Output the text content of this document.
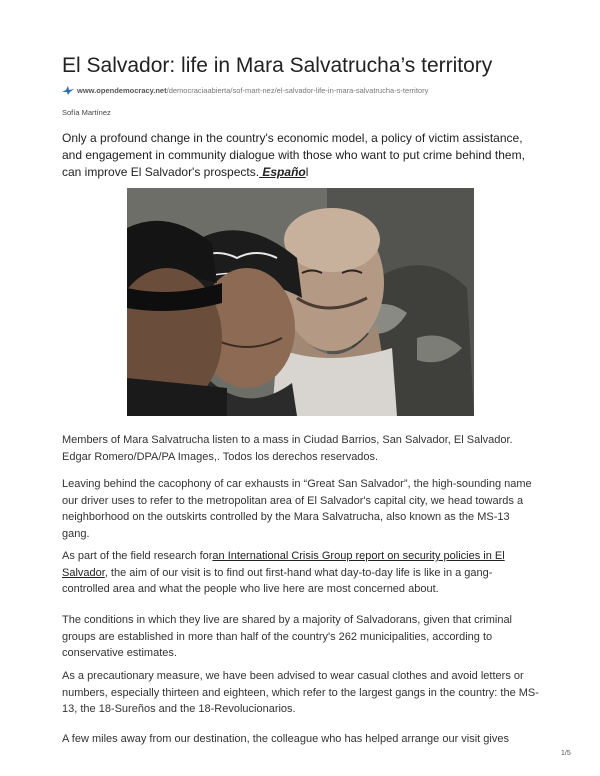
El Salvador: life in Mara Salvatrucha’s territory
www.opendemocracy.net /democraciaabierta/sof-mart-nez/el-salvador-life-in-mara-salvatrucha-s-territory
Sofía Martínez

Only a profound change in the country's economic model, a policy of victim assistance, and engagement in community dialogue with those who want to put crime behind them, can improve El Salvador's prospects. Español

Members of Mara Salvatrucha listen to a mass in Ciudad Barrios, San Salvador, El Salvador. Edgar Romero/DPA/PA Images,. Todos los derechos reservados.

Leaving behind the cacophony of car exhausts in “Great San Salvador”, the high-sounding name our driver uses to refer to the metropolitan area of El Salvador's capital city, we head towards a neighborhood on the outskirts controlled by the Mara Salvatrucha, also known as the MS-13 gang.

As part of the field research foran International Crisis Group report on security policies in El Salvador, the aim of our visit is to find out first-hand what day-to-day life is like in a gang-controlled area and what the people who live here are most concerned about.

The conditions in which they live are shared by a majority of Salvadorans, given that criminal groups are established in more than half of the country's 262 municipalities, according to conservative estimates.

As a precautionary measure, we have been advised to wear casual clothes and avoid letters or numbers, especially thirteen and eighteen, which refer to the largest gangs in the country: the MS-13, the 18-Sureños and the 18-Revolucionarios.

A few miles away from our destination, the colleague who has helped arrange our visit gives

1/5
